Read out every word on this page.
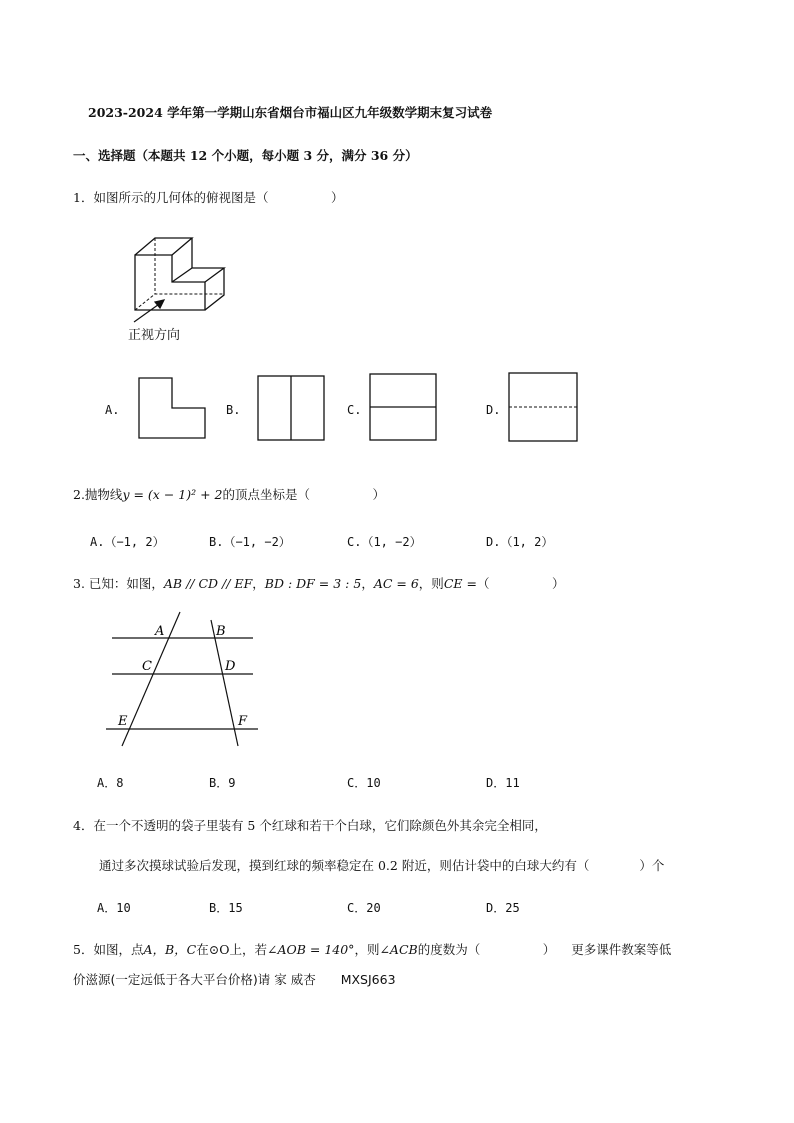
2023-2024 学年第一学期山东省烟台市福山区九年级数学期末复习试卷
一、选择题（本题共 12 个小题，每小题 3 分，满分 36 分）
1．如图所示的几何体的俯视图是（　　　　　）
正视方向
A.	B.	C.	D.
2.抛物线y = (x − 1)² + 2的顶点坐标是（　　　　　）
A.（−1, 2）	B.（−1, −2）	C.（1, −2）	D.（1, 2）
3. 已知：如图，AB // CD // EF，BD : DF = 3 : 5，AC = 6，则CE =（　　　　　）
A	B
C	D
E	F
A．8	B．9	C．10	D．11
4．在一个不透明的袋子里装有 5 个红球和若干个白球，它们除颜色外其余完全相同，
通过多次摸球试验后发现，摸到红球的频率稳定在 0.2 附近，则估计袋中的白球大约有（　　　　）个
A．10	B．15	C．20	D．25
5．如图，点A，B，C在⊙O上，若∠AOB = 140°，则∠ACB的度数为（　　　　　） 更多课件教案等低
价滋源(一定远低于各大平台价格)请 家 威杏　　MXSJ663
